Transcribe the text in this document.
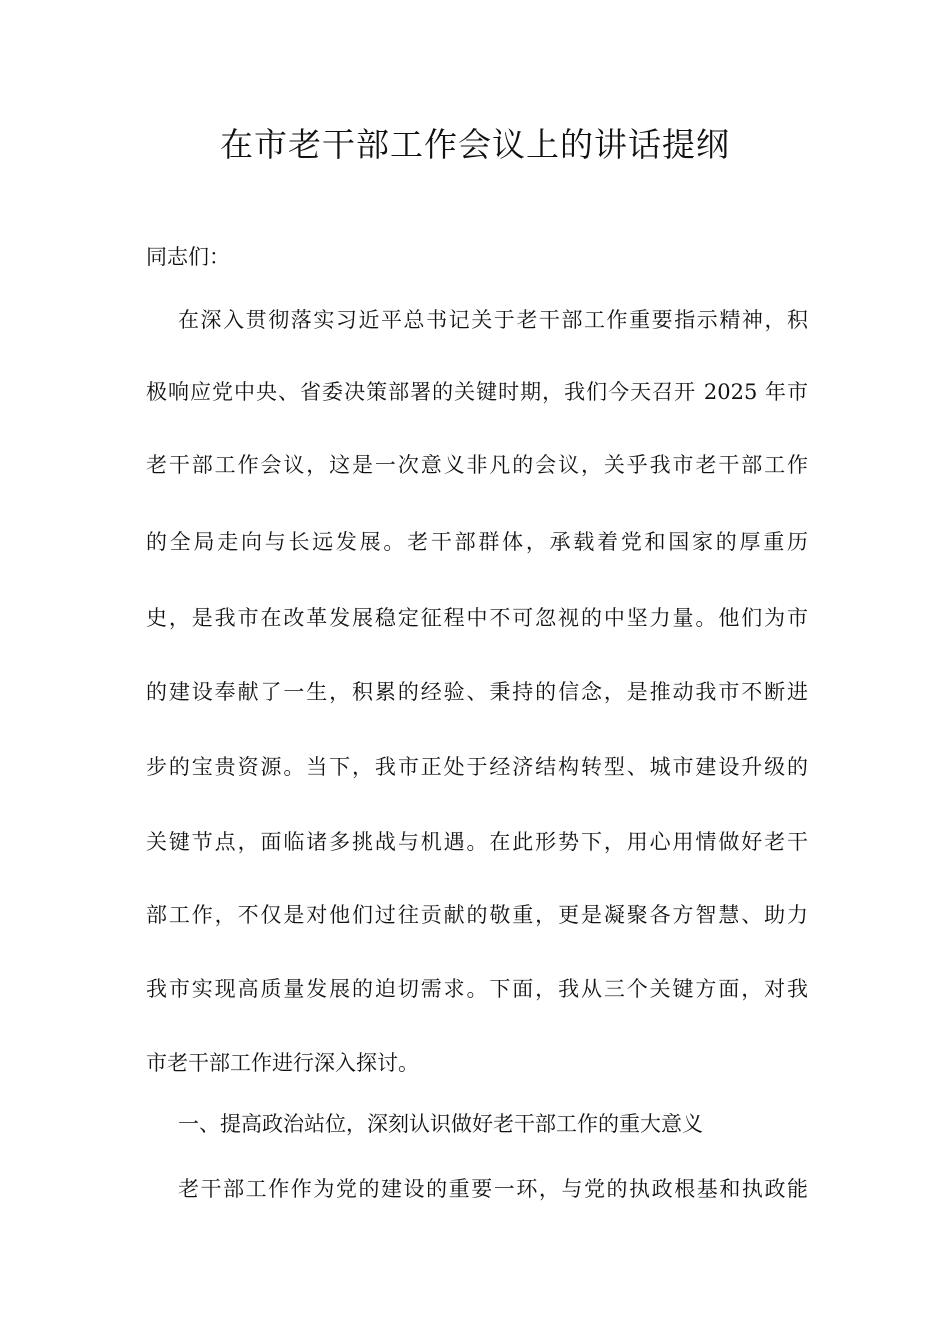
在市老干部工作会议上的讲话提纲

同志们：

在深入贯彻落实习近平总书记关于老干部工作重要指示精神，积

极响应党中央、省委决策部署的关键时期，我们今天召开 2025 年市

老干部工作会议，这是一次意义非凡的会议，关乎我市老干部工作

的全局走向与长远发展。老干部群体，承载着党和国家的厚重历

史，是我市在改革发展稳定征程中不可忽视的中坚力量。他们为市

的建设奉献了一生，积累的经验、秉持的信念，是推动我市不断进

步的宝贵资源。当下，我市正处于经济结构转型、城市建设升级的

关键节点，面临诸多挑战与机遇。在此形势下，用心用情做好老干

部工作，不仅是对他们过往贡献的敬重，更是凝聚各方智慧、助力

我市实现高质量发展的迫切需求。下面，我从三个关键方面，对我

市老干部工作进行深入探讨。

一、提高政治站位，深刻认识做好老干部工作的重大意义

老干部工作作为党的建设的重要一环，与党的执政根基和执政能
